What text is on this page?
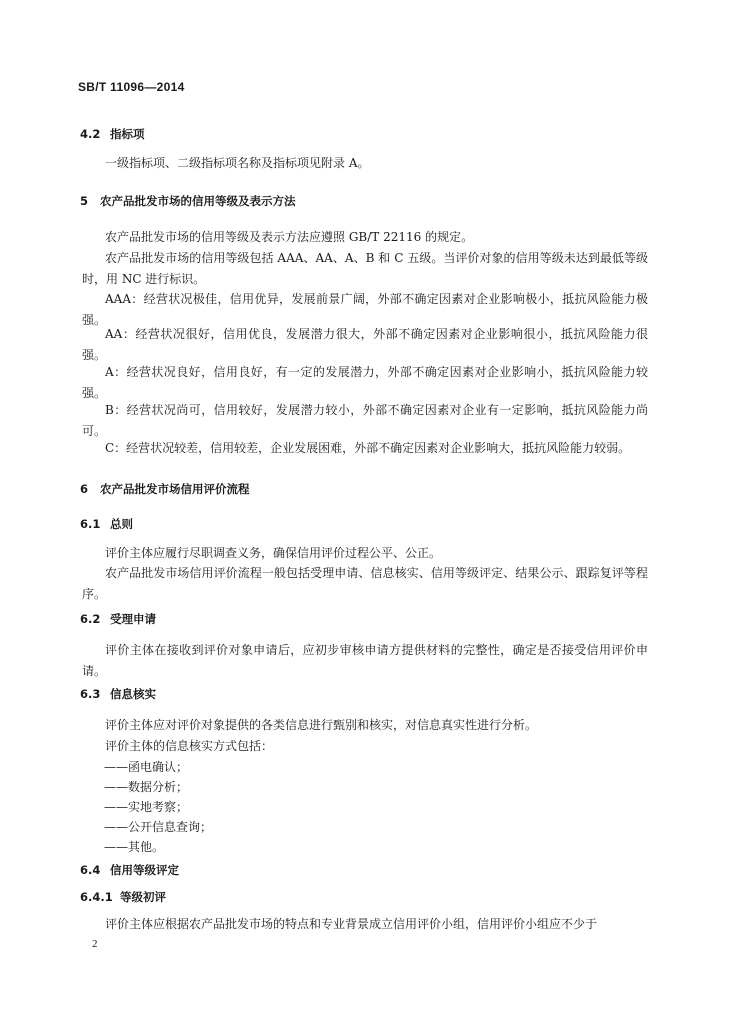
SB/T 11096—2014
4.2 指标项
一级指标项、二级指标项名称及指标项见附录 A。
5 农产品批发市场的信用等级及表示方法
农产品批发市场的信用等级及表示方法应遵照 GB/T 22116 的规定。
农产品批发市场的信用等级包括 AAA、AA、A、B 和 C 五级。当评价对象的信用等级未达到最低等级时，用 NC 进行标识。
AAA：经营状况极佳，信用优异，发展前景广阔，外部不确定因素对企业影响极小，抵抗风险能力极强。
AA：经营状况很好，信用优良，发展潜力很大，外部不确定因素对企业影响很小，抵抗风险能力很强。
A：经营状况良好，信用良好，有一定的发展潜力，外部不确定因素对企业影响小，抵抗风险能力较强。
B：经营状况尚可，信用较好，发展潜力较小，外部不确定因素对企业有一定影响，抵抗风险能力尚可。
C：经营状况较差，信用较差，企业发展困难，外部不确定因素对企业影响大，抵抗风险能力较弱。
6 农产品批发市场信用评价流程
6.1 总则
评价主体应履行尽职调查义务，确保信用评价过程公平、公正。
农产品批发市场信用评价流程一般包括受理申请、信息核实、信用等级评定、结果公示、跟踪复评等程序。
6.2 受理申请
评价主体在接收到评价对象申请后，应初步审核申请方提供材料的完整性，确定是否接受信用评价申请。
6.3 信息核实
评价主体应对评价对象提供的各类信息进行甄别和核实，对信息真实性进行分析。
评价主体的信息核实方式包括：
——函电确认；
——数据分析；
——实地考察；
——公开信息查询；
——其他。
6.4 信用等级评定
6.4.1 等级初评
评价主体应根据农产品批发市场的特点和专业背景成立信用评价小组，信用评价小组应不少于
2
